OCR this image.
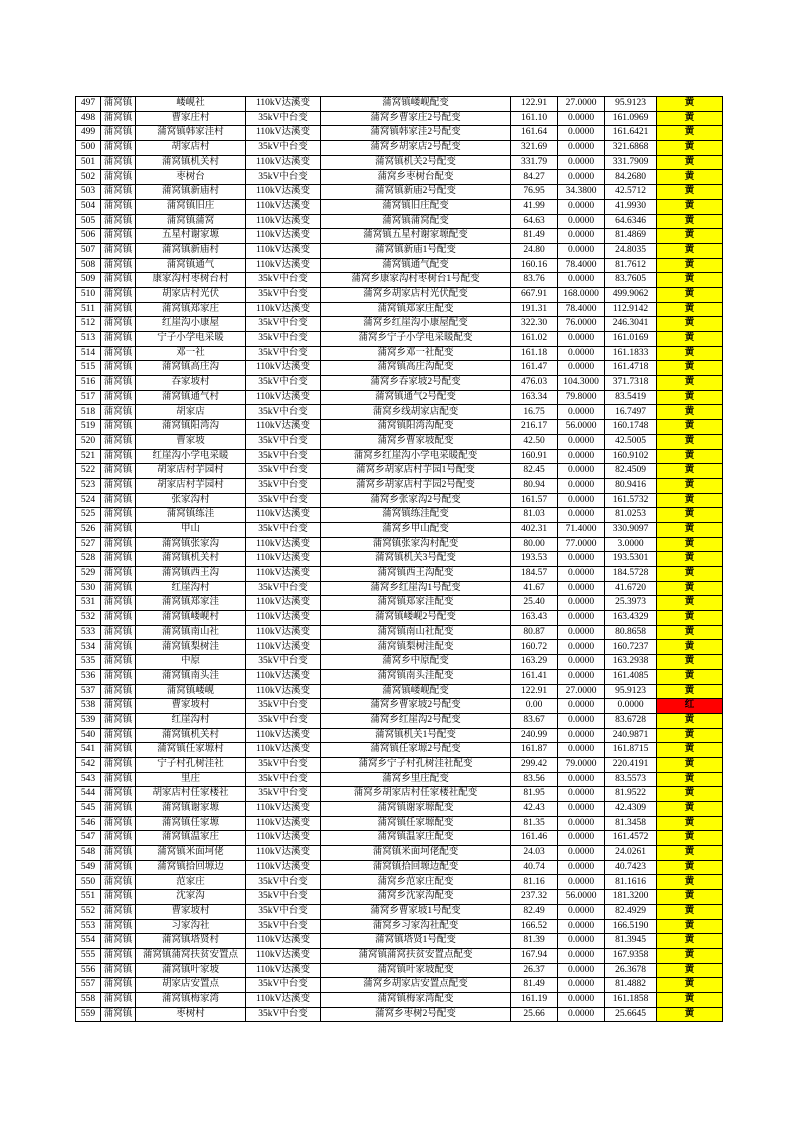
497	蒲窝镇	嵝岘社	110kV达溪变	蒲窝镇嵝岘配变	122.91	27.0000	95.9123	黄
498	蒲窝镇	曹家庄村	35kV中台变	蒲窝乡曹家庄2号配变	161.10	0.0000	161.0969	黄
499	蒲窝镇	蒲窝镇韩家洼村	110kV达溪变	蒲窝镇韩家洼2号配变	161.64	0.0000	161.6421	黄
500	蒲窝镇	胡家店村	35kV中台变	蒲窝乡胡家店2号配变	321.69	0.0000	321.6868	黄
501	蒲窝镇	蒲窝镇机关村	110kV达溪变	蒲窝镇机关2号配变	331.79	0.0000	331.7909	黄
502	蒲窝镇	枣树台	35kV中台变	蒲窝乡枣树台配变	84.27	0.0000	84.2680	黄
503	蒲窝镇	蒲窝镇新庙村	110kV达溪变	蒲窝镇新庙2号配变	76.95	34.3800	42.5712	黄
504	蒲窝镇	蒲窝镇旧庄	110kV达溪变	蒲窝镇旧庄配变	41.99	0.0000	41.9930	黄
505	蒲窝镇	蒲窝镇蒲窝	110kV达溪变	蒲窝镇蒲窝配变	64.63	0.0000	64.6346	黄
506	蒲窝镇	五星村谢家塬	110kV达溪变	蒲窝镇五星村谢家塬配变	81.49	0.0000	81.4869	黄
507	蒲窝镇	蒲窝镇新庙村	110kV达溪变	蒲窝镇新庙1号配变	24.80	0.0000	24.8035	黄
508	蒲窝镇	蒲窝镇通气	110kV达溪变	蒲窝镇通气配变	160.16	78.4000	81.7612	黄
509	蒲窝镇	康家沟村枣树台村	35kV中台变	蒲窝乡康家沟村枣树台1号配变	83.76	0.0000	83.7605	黄
510	蒲窝镇	胡家店村光伏	35kV中台变	蒲窝乡胡家店村光伏配变	667.91	168.0000	499.9062	黄
511	蒲窝镇	蒲窝镇郑家庄	110kV达溪变	蒲窝镇郑家庄配变	191.31	78.4000	112.9142	黄
512	蒲窝镇	红崖沟小康屋	35kV中台变	蒲窝乡红崖沟小康屋配变	322.30	76.0000	246.3041	黄
513	蒲窝镇	宁子小学电采暖	35kV中台变	蒲窝乡宁子小学电采暖配变	161.02	0.0000	161.0169	黄
514	蒲窝镇	邓一社	35kV中台变	蒲窝乡邓一社配变	161.18	0.0000	161.1833	黄
515	蒲窝镇	蒲窝镇高庄沟	110kV达溪变	蒲窝镇高庄沟配变	161.47	0.0000	161.4718	黄
516	蒲窝镇	吞家坡村	35kV中台变	蒲窝乡吞家坡2号配变	476.03	104.3000	371.7318	黄
517	蒲窝镇	蒲窝镇通气村	110kV达溪变	蒲窝镇通气2号配变	163.34	79.8000	83.5419	黄
518	蒲窝镇	胡家店	35kV中台变	蒲窝乡线胡家店配变	16.75	0.0000	16.7497	黄
519	蒲窝镇	蒲窝镇阳湾沟	110kV达溪变	蒲窝镇阳湾沟配变	216.17	56.0000	160.1748	黄
520	蒲窝镇	曹家坡	35kV中台变	蒲窝乡曹家坡配变	42.50	0.0000	42.5005	黄
521	蒲窝镇	红崖沟小学电采暖	35kV中台变	蒲窝乡红崖沟小学电采暖配变	160.91	0.0000	160.9102	黄
522	蒲窝镇	胡家店村芋园村	35kV中台变	蒲窝乡胡家店村芋园1号配变	82.45	0.0000	82.4509	黄
523	蒲窝镇	胡家店村芋园村	35kV中台变	蒲窝乡胡家店村芋园2号配变	80.94	0.0000	80.9416	黄
524	蒲窝镇	张家沟村	35kV中台变	蒲窝乡张家沟2号配变	161.57	0.0000	161.5732	黄
525	蒲窝镇	蒲窝镇练洼	110kV达溪变	蒲窝镇练洼配变	81.03	0.0000	81.0253	黄
526	蒲窝镇	甲山	35kV中台变	蒲窝乡甲山配变	402.31	71.4000	330.9097	黄
527	蒲窝镇	蒲窝镇张家沟	110kV达溪变	蒲窝镇张家沟村配变	80.00	77.0000	3.0000	黄
528	蒲窝镇	蒲窝镇机关村	110kV达溪变	蒲窝镇机关3号配变	193.53	0.0000	193.5301	黄
529	蒲窝镇	蒲窝镇西王沟	110kV达溪变	蒲窝镇西王沟配变	184.57	0.0000	184.5728	黄
530	蒲窝镇	红崖沟村	35kV中台变	蒲窝乡红崖沟1号配变	41.67	0.0000	41.6720	黄
531	蒲窝镇	蒲窝镇郑家洼	110kV达溪变	蒲窝镇郑家洼配变	25.40	0.0000	25.3973	黄
532	蒲窝镇	蒲窝镇嵝岘村	110kV达溪变	蒲窝镇嵝岘2号配变	163.43	0.0000	163.4329	黄
533	蒲窝镇	蒲窝镇南山社	110kV达溪变	蒲窝镇南山社配变	80.87	0.0000	80.8658	黄
534	蒲窝镇	蒲窝镇梨树洼	110kV达溪变	蒲窝镇梨树洼配变	160.72	0.0000	160.7237	黄
535	蒲窝镇	中原	35kV中台变	蒲窝乡中原配变	163.29	0.0000	163.2938	黄
536	蒲窝镇	蒲窝镇南头洼	110kV达溪变	蒲窝镇南头洼配变	161.41	0.0000	161.4085	黄
537	蒲窝镇	蒲窝镇嵝岘	110kV达溪变	蒲窝镇嵝岘配变	122.91	27.0000	95.9123	黄
538	蒲窝镇	曹家坡村	35kV中台变	蒲窝乡曹家坡2号配变	0.00	0.0000	0.0000	红
539	蒲窝镇	红崖沟村	35kV中台变	蒲窝乡红崖沟2号配变	83.67	0.0000	83.6728	黄
540	蒲窝镇	蒲窝镇机关村	110kV达溪变	蒲窝镇机关1号配变	240.99	0.0000	240.9871	黄
541	蒲窝镇	蒲窝镇任家塬村	110kV达溪变	蒲窝镇任家塬2号配变	161.87	0.0000	161.8715	黄
542	蒲窝镇	宁子村孔树洼社	35kV中台变	蒲窝乡宁子村孔树洼社配变	299.42	79.0000	220.4191	黄
543	蒲窝镇	里庄	35kV中台变	蒲窝乡里庄配变	83.56	0.0000	83.5573	黄
544	蒲窝镇	胡家店村任家楼社	35kV中台变	蒲窝乡胡家店村任家楼社配变	81.95	0.0000	81.9522	黄
545	蒲窝镇	蒲窝镇谢家塬	110kV达溪变	蒲窝镇谢家塬配变	42.43	0.0000	42.4309	黄
546	蒲窝镇	蒲窝镇任家塬	110kV达溪变	蒲窝镇任家塬配变	81.35	0.0000	81.3458	黄
547	蒲窝镇	蒲窝镇温家庄	110kV达溪变	蒲窝镇温家庄配变	161.46	0.0000	161.4572	黄
548	蒲窝镇	蒲窝镇米面坷佬	110kV达溪变	蒲窝镇米面坷佬配变	24.03	0.0000	24.0261	黄
549	蒲窝镇	蒲窝镇拾回塬边	110kV达溪变	蒲窝镇拾回塬边配变	40.74	0.0000	40.7423	黄
550	蒲窝镇	范家庄	35kV中台变	蒲窝乡范家庄配变	81.16	0.0000	81.1616	黄
551	蒲窝镇	沈家沟	35kV中台变	蒲窝乡沈家沟配变	237.32	56.0000	181.3200	黄
552	蒲窝镇	曹家坡村	35kV中台变	蒲窝乡曹家坡1号配变	82.49	0.0000	82.4929	黄
553	蒲窝镇	习家沟社	35kV中台变	蒲窝乡习家沟社配变	166.52	0.0000	166.5190	黄
554	蒲窝镇	蒲窝镇塔贤村	110kV达溪变	蒲窝镇塔贤1号配变	81.39	0.0000	81.3945	黄
555	蒲窝镇	蒲窝镇蒲窝扶贫安置点	110kV达溪变	蒲窝镇蒲窝扶贫安置点配变	167.94	0.0000	167.9358	黄
556	蒲窝镇	蒲窝镇叶家坡	110kV达溪变	蒲窝镇叶家坡配变	26.37	0.0000	26.3678	黄
557	蒲窝镇	胡家店安置点	35kV中台变	蒲窝乡胡家店安置点配变	81.49	0.0000	81.4882	黄
558	蒲窝镇	蒲窝镇梅家湾	110kV达溪变	蒲窝镇梅家湾配变	161.19	0.0000	161.1858	黄
559	蒲窝镇	枣树村	35kV中台变	蒲窝乡枣树2号配变	25.66	0.0000	25.6645	黄
